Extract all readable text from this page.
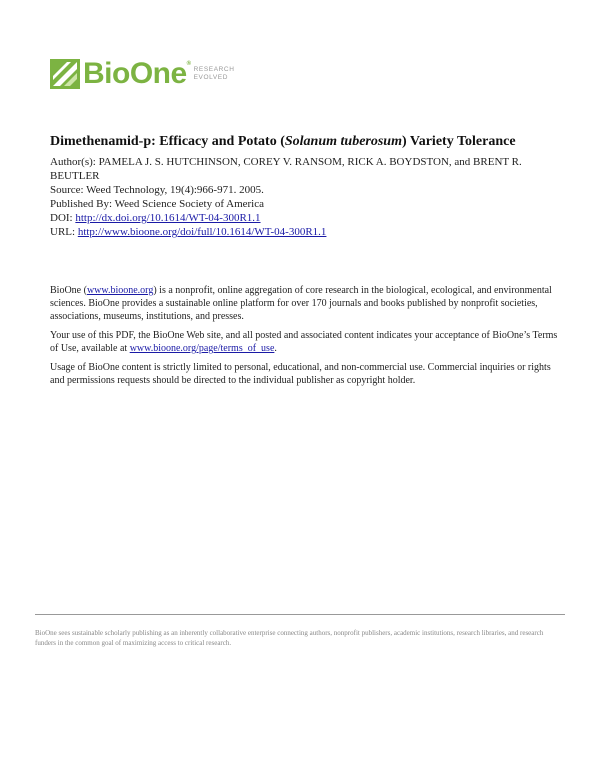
BioOne®
RESEARCH
EVOLVED
Dimethenamid-p: Efficacy and Potato (Solanum tuberosum) Variety Tolerance

Author(s): PAMELA J. S. HUTCHINSON, COREY V. RANSOM, RICK A. BOYDSTON, and BRENT R. BEUTLER

Source: Weed Technology, 19(4):966-971. 2005.

Published By: Weed Science Society of America

DOI: http://dx.doi.org/10.1614/WT-04-300R1.1

URL: http://www.bioone.org/doi/full/10.1614/WT-04-300R1.1

BioOne (www.bioone.org) is a nonprofit, online aggregation of core research in the biological, ecological, and environmental sciences. BioOne provides a sustainable online platform for over 170 journals and books published by nonprofit societies, associations, museums, institutions, and presses.

Your use of this PDF, the BioOne Web site, and all posted and associated content indicates your acceptance of BioOne’s Terms of Use, available at www.bioone.org/page/terms_of_use.

Usage of BioOne content is strictly limited to personal, educational, and non-commercial use. Commercial inquiries or rights and permissions requests should be directed to the individual publisher as copyright holder.

BioOne sees sustainable scholarly publishing as an inherently collaborative enterprise connecting authors, nonprofit publishers, academic institutions, research libraries, and research funders in the common goal of maximizing access to critical research.
